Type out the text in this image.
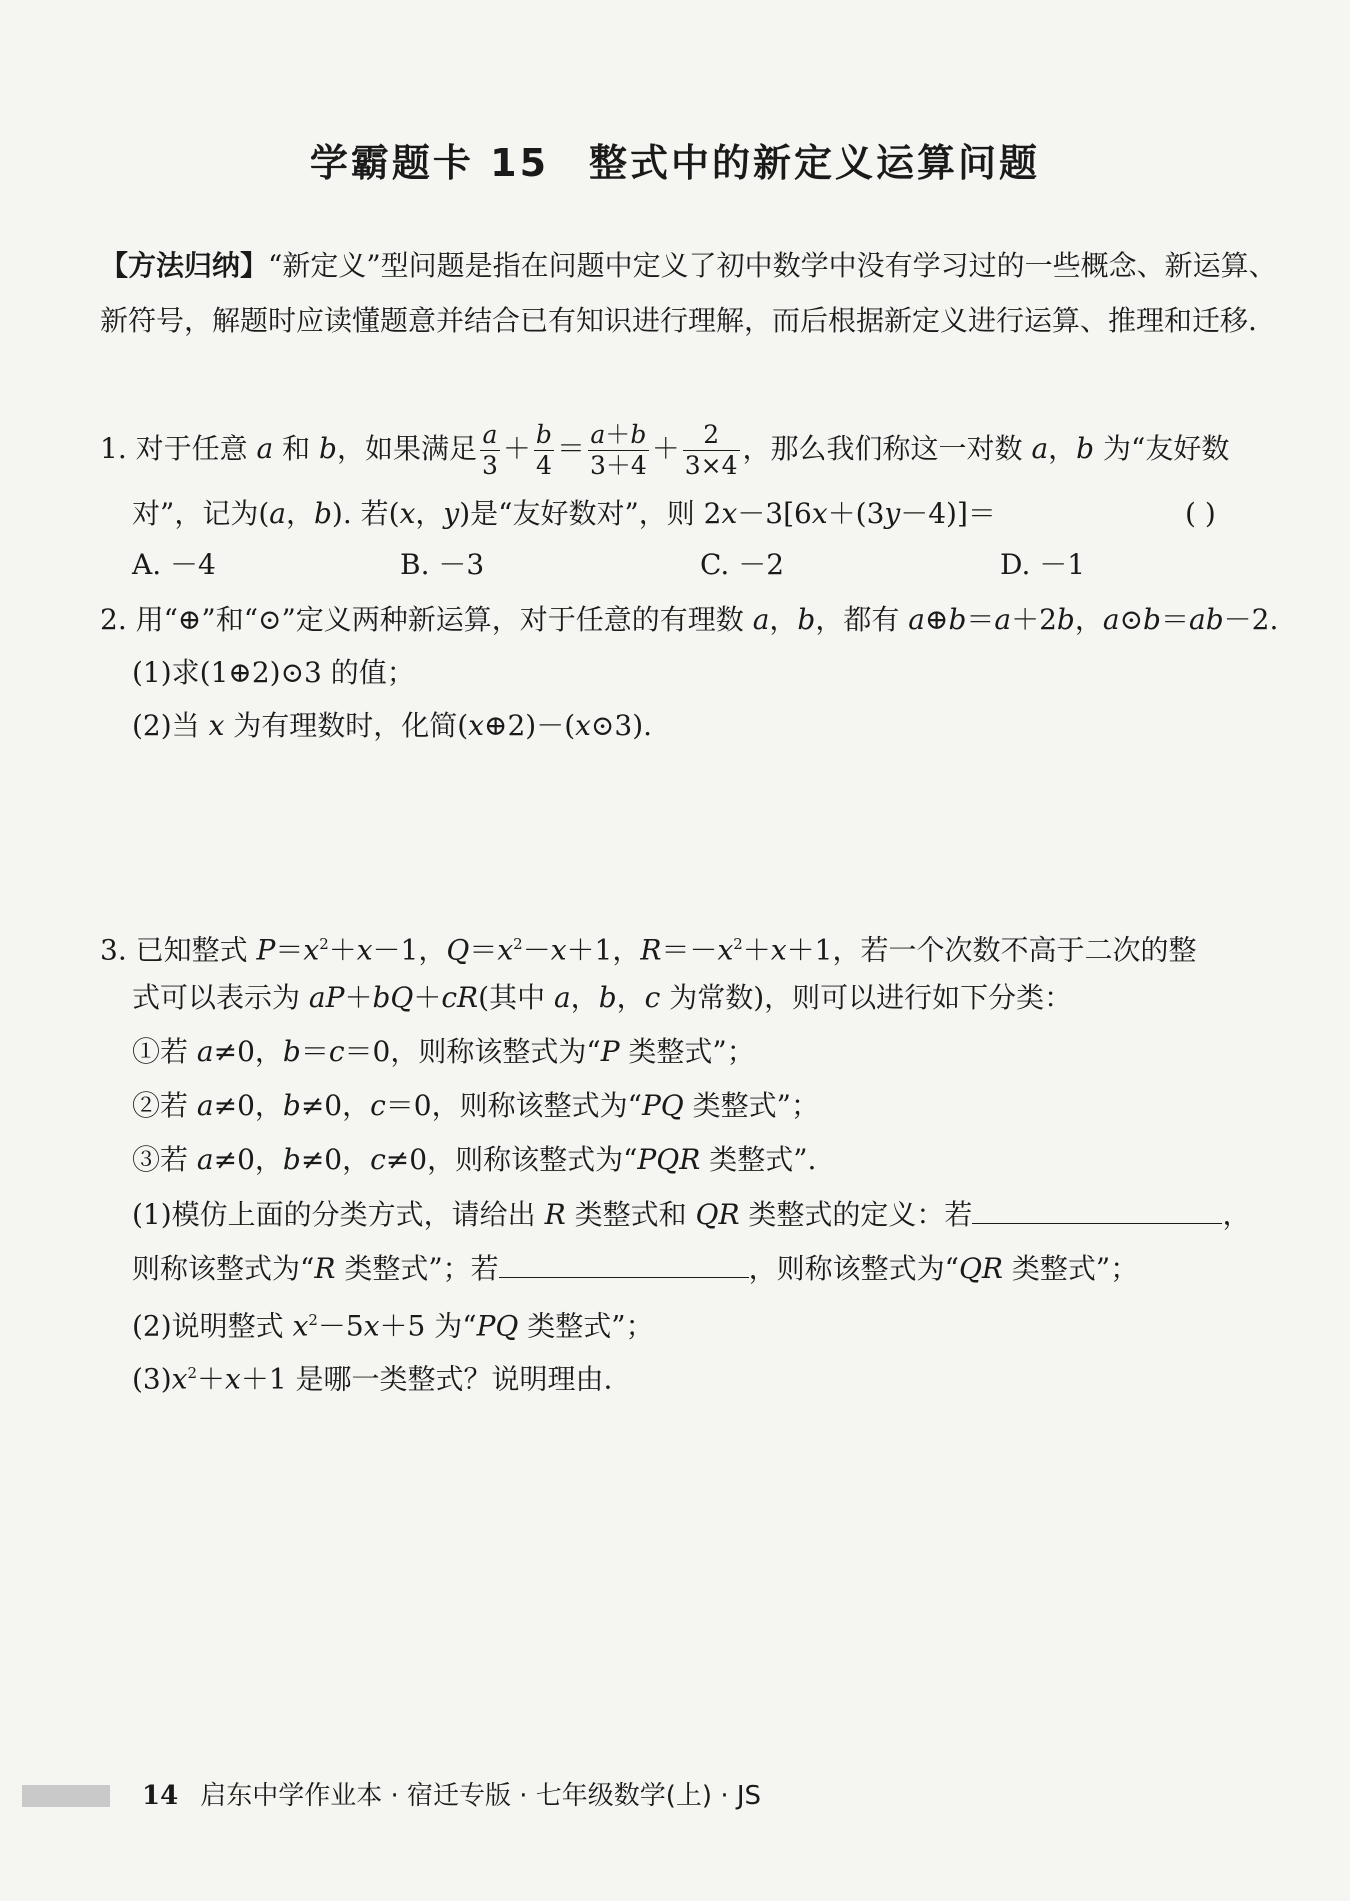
学霸题卡 15 整式中的新定义运算问题
【方法归纳】“新定义”型问题是指在问题中定义了初中数学中没有学习过的一些概念、新运算、新符号，解题时应读懂题意并结合已有知识进行理解，而后根据新定义进行运算、推理和迁移.
1. 对于任意 a 和 b，如果满足 $\frac{a}{3} + \frac{b}{4} = \frac{a+b}{3+4} + \frac{2}{3\times 4}$ ，那么我们称这一对数 a，b 为“友好数
对”，记为(a，b). 若(x，y)是“友好数对”，则 2x－3[6x＋(3y－4)]＝	( )
A. －4	B. －3	C. －2	D. －1
2. 用“⊕”和“⊙”定义两种新运算，对于任意的有理数 a，b，都有 a⊕b＝a＋2b，a⊙b＝ab－2.
(1)求(1⊕2)⊙3 的值；
(2)当 x 为有理数时，化简(x⊕2)－(x⊙3).
3. 已知整式 $P=x^2+x-1$，$Q=x^2-x+1$，$R=-x^2+x+1$，若一个次数不高于二次的整
式可以表示为 aP＋bQ＋cR(其中 a，b，c 为常数)，则可以进行如下分类：
①若 a≠0，b＝c＝0，则称该整式为“P 类整式”；
②若 a≠0，b≠0，c＝0，则称该整式为“PQ 类整式”；
③若 a≠0，b≠0，c≠0，则称该整式为“PQR 类整式”.
(1)模仿上面的分类方式，请给出 R 类整式和 QR 类整式的定义：若	，
则称该整式为“R 类整式”；若	，则称该整式为“QR 类整式”；
(2)说明整式 $x^2-5x+5$ 为“PQ 类整式”；
$(3)x^2+x+1$ 是哪一类整式？说明理由.
14 启东中学作业本 · 宿迁专版 · 七年级数学(上) · JS
